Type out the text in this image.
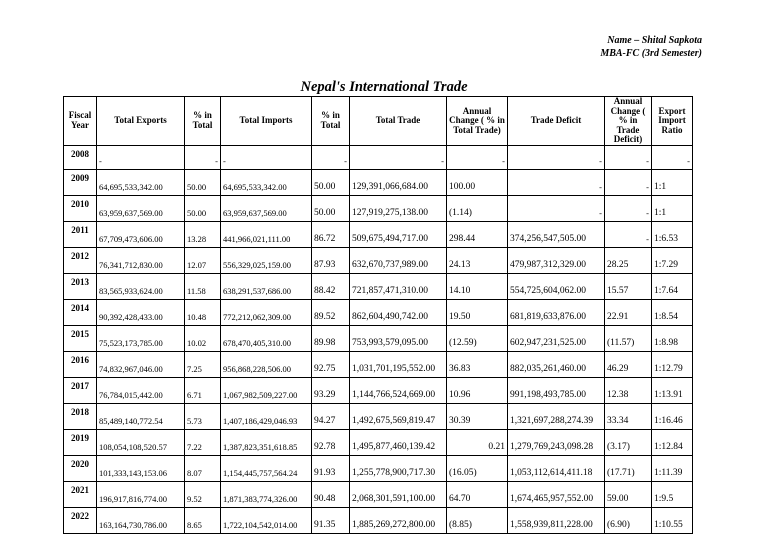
Name – Shital Sapkota
MBA-FC (3rd Semester)
Nepal's International Trade
Fiscal Year	Total Exports	% in Total	Total Imports	% in Total	Total Trade	Annual Change ( % in Total Trade)	Trade Deficit	Annual Change ( % in Trade Deficit)	Export Import Ratio
2008	-	-	-	-	-	-	-	-	-
2009	64,695,533,342.00	50.00	64,695,533,342.00	50.00	129,391,066,684.00	100.00	-	-	1:1
2010	63,959,637,569.00	50.00	63,959,637,569.00	50.00	127,919,275,138.00	(1.14)	-	-	1:1
2011	67,709,473,606.00	13.28	441,966,021,111.00	86.72	509,675,494,717.00	298.44	374,256,547,505.00	-	1:6.53
2012	76,341,712,830.00	12.07	556,329,025,159.00	87.93	632,670,737,989.00	24.13	479,987,312,329.00	28.25	1:7.29
2013	83,565,933,624.00	11.58	638,291,537,686.00	88.42	721,857,471,310.00	14.10	554,725,604,062.00	15.57	1:7.64
2014	90,392,428,433.00	10.48	772,212,062,309.00	89.52	862,604,490,742.00	19.50	681,819,633,876.00	22.91	1:8.54
2015	75,523,173,785.00	10.02	678,470,405,310.00	89.98	753,993,579,095.00	(12.59)	602,947,231,525.00	(11.57)	1:8.98
2016	74,832,967,046.00	7.25	956,868,228,506.00	92.75	1,031,701,195,552.00	36.83	882,035,261,460.00	46.29	1:12.79
2017	76,784,015,442.00	6.71	1,067,982,509,227.00	93.29	1,144,766,524,669.00	10.96	991,198,493,785.00	12.38	1:13.91
2018	85,489,140,772.54	5.73	1,407,186,429,046.93	94.27	1,492,675,569,819.47	30.39	1,321,697,288,274.39	33.34	1:16.46
2019	108,054,108,520.57	7.22	1,387,823,351,618.85	92.78	1,495,877,460,139.42	0.21	1,279,769,243,098.28	(3.17)	1:12.84
2020	101,333,143,153.06	8.07	1,154,445,757,564.24	91.93	1,255,778,900,717.30	(16.05)	1,053,112,614,411.18	(17.71)	1:11.39
2021	196,917,816,774.00	9.52	1,871,383,774,326.00	90.48	2,068,301,591,100.00	64.70	1,674,465,957,552.00	59.00	1:9.5
2022	163,164,730,786.00	8.65	1,722,104,542,014.00	91.35	1,885,269,272,800.00	(8.85)	1,558,939,811,228.00	(6.90)	1:10.55
